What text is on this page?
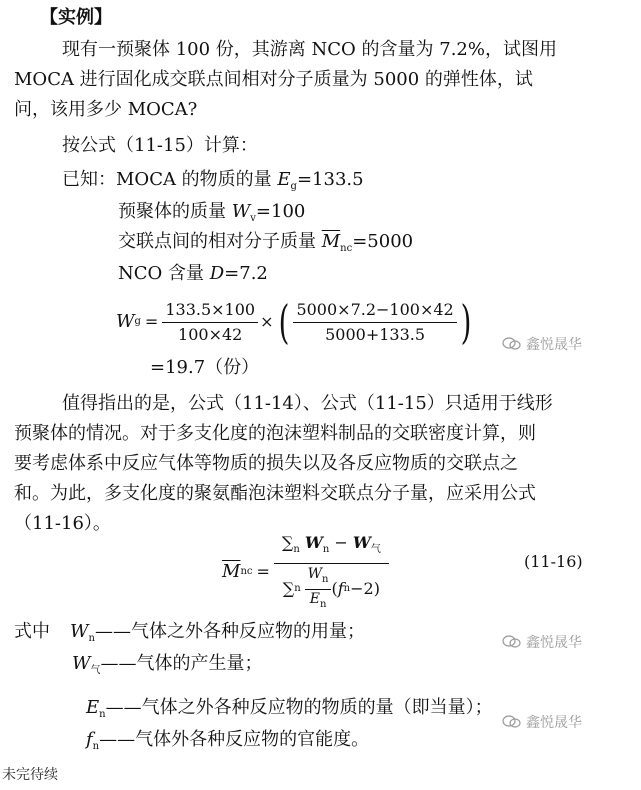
【实例】
现有一预聚体 100 份，其游离 NCO 的含量为 7.2%，试图用
MOCA 进行固化成交联点间相对分子质量为 5000 的弹性体，试
问，该用多少 MOCA?
按公式（11-15）计算：
已知：MOCA 的物质的量 $E_g=133.5$
预聚体的质量 $W_v=100$
交联点间的相对分子质量 $\overline{M}_{nc}=5000$
NCO 含量 D=7.2
W $g = \frac{133.5\times 100}{100\times 42}$ × ( $\frac{5000\times 7.2-100\times 42}{5000+133.5}$ )
=19.7（份）
值得指出的是，公式（11-14）、公式（11-15）只适用于线形
预聚体的情况。对于多支化度的泡沫塑料制品的交联密度计算，则
要考虑体系中反应气体等物质的损失以及各反应物质的交联点之
和。为此，多支化度的聚氨酯泡沫塑料交联点分子量，应采用公式
（11-16）。
$\overline{M}$ nc =
$\sum_n$ $W_n - W_气$
∑ n $\frac{W_n}{E_n}$ ( f n −2)
(11-16)
式中 $W_n——$气体之外各种反应物的用量；
$W_气——$气体的产生量；
$E_n——$气体之外各种反应物的物质的量（即当量）；
$f_n——$气体外各种反应物的官能度。
鑫悦晟华
鑫悦晟华
鑫悦晟华
未完待续
